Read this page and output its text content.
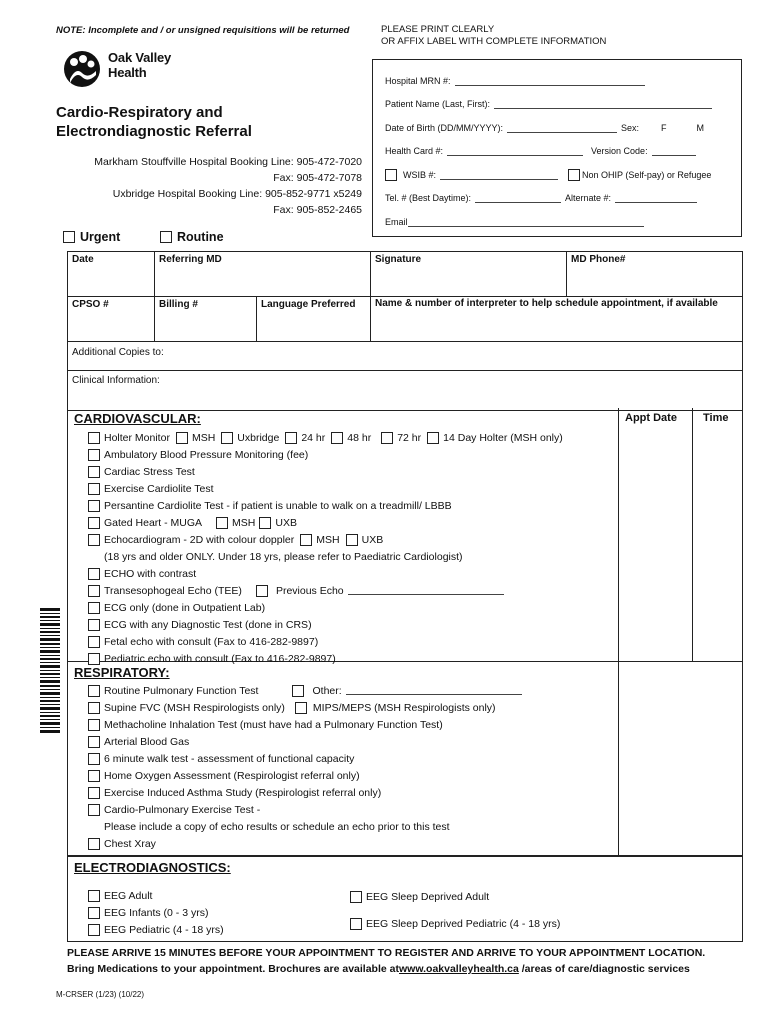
NOTE: Incomplete and / or unsigned requisitions will be returned	PLEASE PRINT CLEARLY
OR AFFIX LABEL WITH COMPLETE INFORMATION
Oak Valley
Health
Cardio-Respiratory and
Electrondiagnostic Referral
Markham Stouffville Hospital Booking Line: 905-472-7020
Fax: 905-472-7078
Uxbridge Hospital Booking Line: 905-852-9771 x5249
Fax: 905-852-2465
Hospital MRN #:
Patient Name (Last, First):
Date of Birth (DD/MM/YYYY):	Sex: F	M
Health Card #:	Version Code:
WSIB #:	Non OHIP (Self-pay) or Refugee
Tel. # (Best Daytime):	Alternate #:
Email
Urgent	Routine
Date	Referring MD	Signature	MD Phone#
CPSO #	Billing #	Language Preferred	Name & number of interpreter to help schedule appointment, if available
Additional Copies to:
Clinical Information:
Appt Date Time
CARDIOVASCULAR:
Holter Monitor MSH Uxbridge 24 hr 48 hr 72 hr 14 Day Holter (MSH only)
Ambulatory Blood Pressure Monitoring (fee)
Cardiac Stress Test
Exercise Cardiolite Test
Persantine Cardiolite Test - if patient is unable to walk on a treadmill/ LBBB
Gated Heart - MUGA	MSH UXB
Echocardiogram - 2D with colour doppler MSH UXB
(18 yrs and older ONLY. Under 18 yrs, please refer to Paediatric Cardiologist)
ECHO with contrast
Transesophogeal Echo (TEE)	Previous Echo
ECG only (done in Outpatient Lab)
ECG with any Diagnostic Test (done in CRS)
Fetal echo with consult (Fax to 416-282-9897)
Pediatric echo with consult (Fax to 416-282-9897)
RESPIRATORY:
Routine Pulmonary Function Test	Other:
Supine FVC (MSH Respirologists only)	MIPS/MEPS (MSH Respirologists only)
Methacholine Inhalation Test (must have had a Pulmonary Function Test)
Arterial Blood Gas
6 minute walk test - assessment of functional capacity
Home Oxygen Assessment (Respirologist referral only)
Exercise Induced Asthma Study (Respirologist referral only)
Cardio-Pulmonary Exercise Test -
Please include a copy of echo results or schedule an echo prior to this test
Chest Xray
ELECTRODIAGNOSTICS:
EEG Adult
EEG Infants (0 - 3 yrs)
EEG Pediatric (4 - 18 yrs)
EEG Sleep Deprived Adult
EEG Sleep Deprived Pediatric (4 - 18 yrs)
PLEASE ARRIVE 15 MINUTES BEFORE YOUR APPOINTMENT TO REGISTER AND ARRIVE TO YOUR APPOINTMENT LOCATION.
Bring Medications to your appointment. Brochures are available atwww.oakvalleyhealth.ca /areas of care/diagnostic services
M-CRSER (1/23) (10/22)
